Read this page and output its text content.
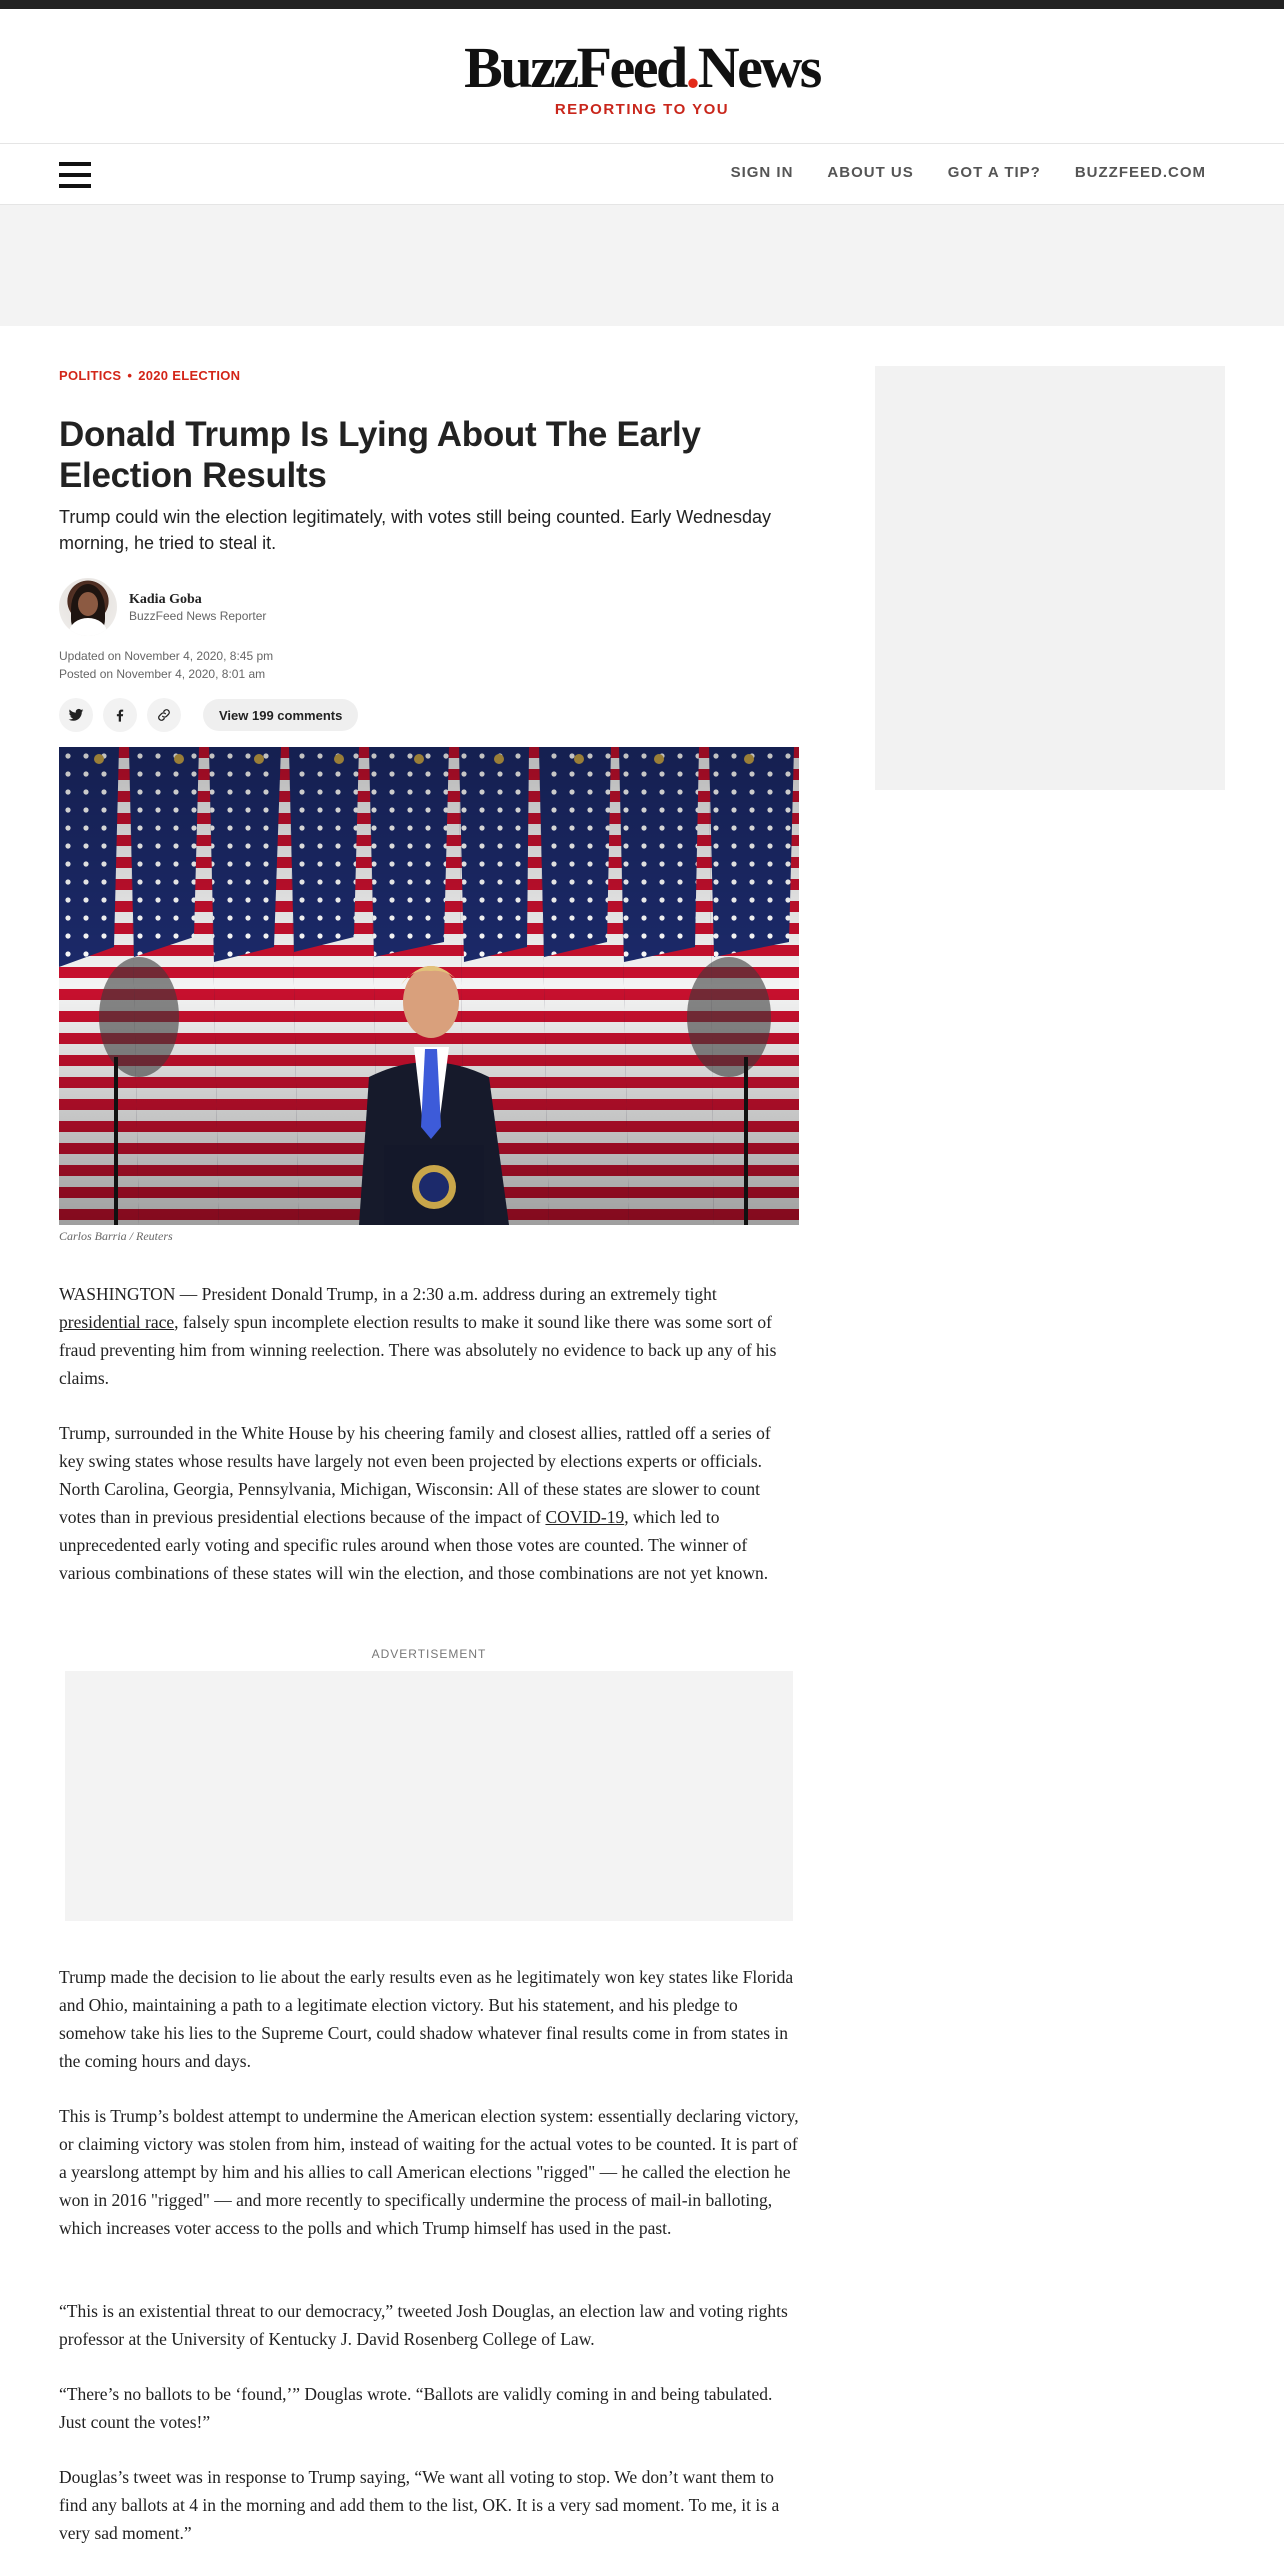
BuzzFeed.News
REPORTING TO YOU
SIGN IN ABOUT US GOT A TIP? BUZZFEED.COM
POLITICS • 2020 ELECTION
Donald Trump Is Lying About The Early Election Results

Trump could win the election legitimately, with votes still being counted. Early Wednesday morning, he tried to steal it.

Kadia Goba
BuzzFeed News Reporter
Updated on November 4, 2020, 8:45 pm
Posted on November 4, 2020, 8:01 am
View 199 comments
Carlos Barria / Reuters

WASHINGTON — President Donald Trump, in a 2:30 a.m. address during an extremely tight presidential race, falsely spun incomplete election results to make it sound like there was some sort of fraud preventing him from winning reelection. There was absolutely no evidence to back up any of his claims.

Trump, surrounded in the White House by his cheering family and closest allies, rattled off a series of key swing states whose results have largely not even been projected by elections experts or officials. North Carolina, Georgia, Pennsylvania, Michigan, Wisconsin: All of these states are slower to count votes than in previous presidential elections because of the impact of COVID-19, which led to unprecedented early voting and specific rules around when those votes are counted. The winner of various combinations of these states will win the election, and those combinations are not yet known.

ADVERTISEMENT

Trump made the decision to lie about the early results even as he legitimately won key states like Florida and Ohio, maintaining a path to a legitimate election victory. But his statement, and his pledge to somehow take his lies to the Supreme Court, could shadow whatever final results come in from states in the coming hours and days.

This is Trump’s boldest attempt to undermine the American election system: essentially declaring victory, or claiming victory was stolen from him, instead of waiting for the actual votes to be counted. It is part of a yearslong attempt by him and his allies to call American elections "rigged" — he called the election he won in 2016 "rigged" — and more recently to specifically undermine the process of mail-in balloting, which increases voter access to the polls and which Trump himself has used in the past.

“This is an existential threat to our democracy,” tweeted Josh Douglas, an election law and voting rights professor at the University of Kentucky J. David Rosenberg College of Law.

“There’s no ballots to be ‘found,’” Douglas wrote. “Ballots are validly coming in and being tabulated. Just count the votes!”

Douglas’s tweet was in response to Trump saying, “We want all voting to stop. We don’t want them to find any ballots at 4 in the morning and add them to the list, OK. It is a very sad moment. To me, it is a very sad moment.”
